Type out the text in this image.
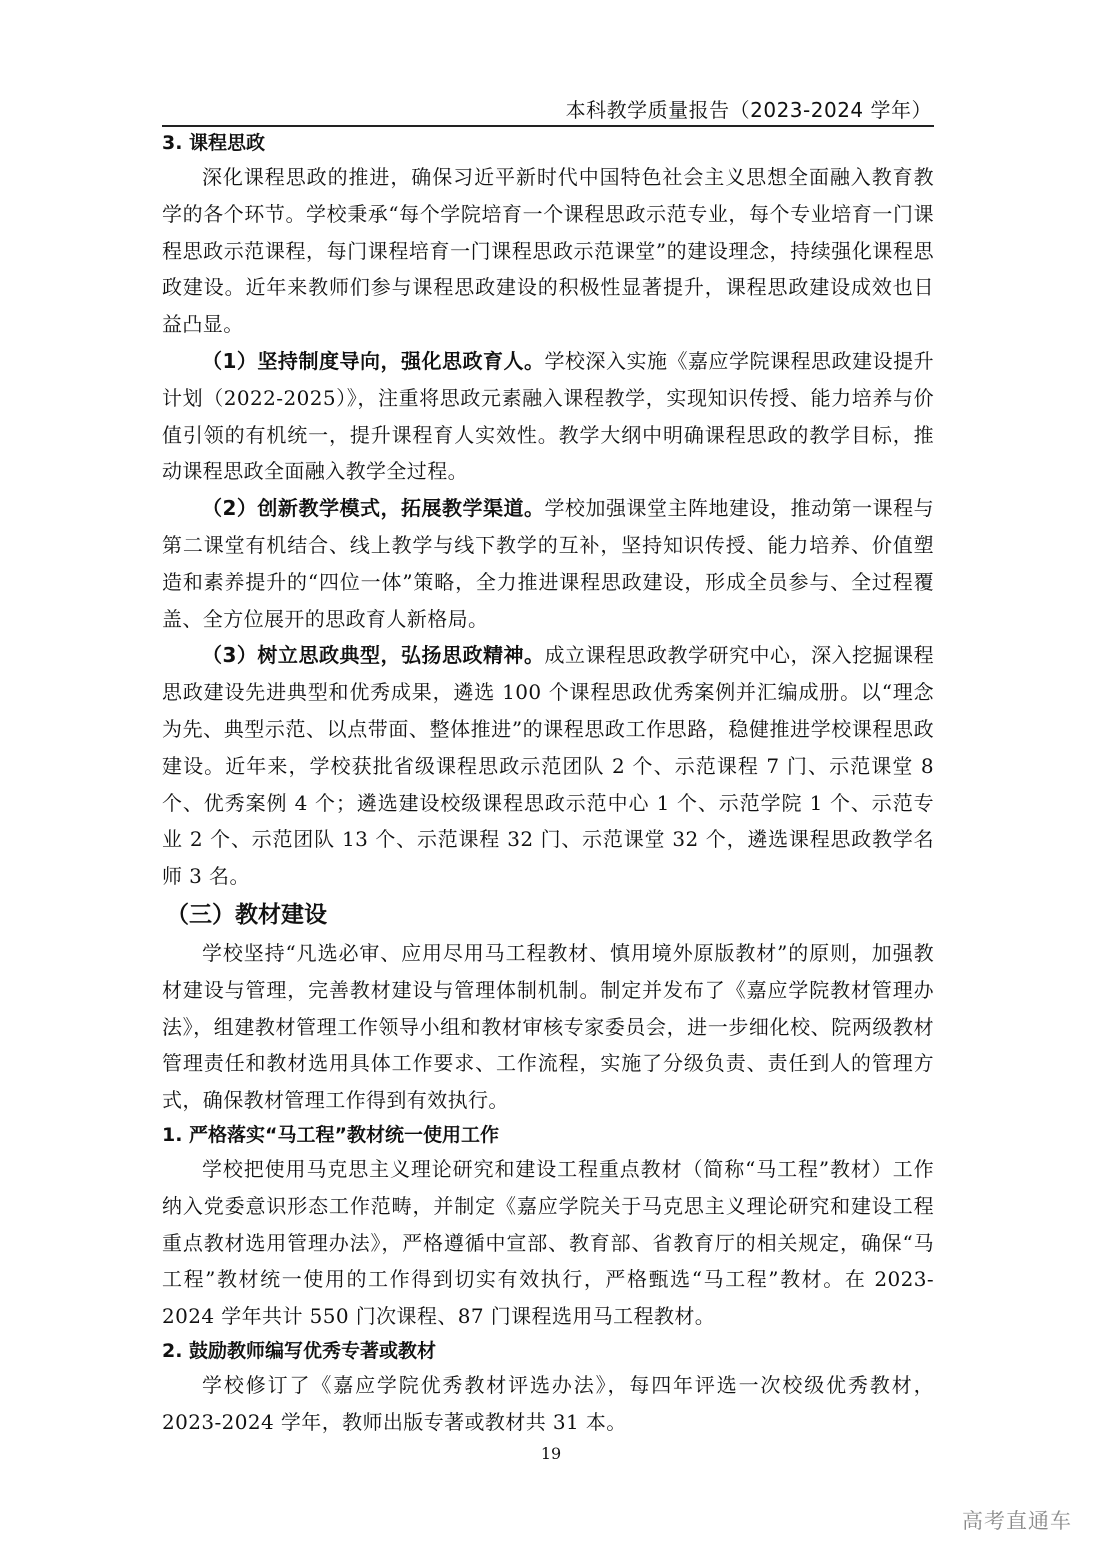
本科教学质量报告（2023-2024 学年）

3. 课程思政

深化课程思政的推进，确保习近平新时代中国特色社会主义思想全面融入教育教学的各个环节。学校秉承“每个学院培育一个课程思政示范专业，每个专业培育一门课程思政示范课程，每门课程培育一门课程思政示范课堂”的建设理念，持续强化课程思政建设。近年来教师们参与课程思政建设的积极性显著提升，课程思政建设成效也日益凸显。

（1）坚持制度导向，强化思政育人。学校深入实施《嘉应学院课程思政建设提升计划（2022-2025）》，注重将思政元素融入课程教学，实现知识传授、能力培养与价值引领的有机统一，提升课程育人实效性。教学大纲中明确课程思政的教学目标，推动课程思政全面融入教学全过程。

（2）创新教学模式，拓展教学渠道。学校加强课堂主阵地建设，推动第一课程与第二课堂有机结合、线上教学与线下教学的互补，坚持知识传授、能力培养、价值塑造和素养提升的“四位一体”策略，全力推进课程思政建设，形成全员参与、全过程覆盖、全方位展开的思政育人新格局。

（3）树立思政典型，弘扬思政精神。成立课程思政教学研究中心，深入挖掘课程思政建设先进典型和优秀成果，遴选 100 个课程思政优秀案例并汇编成册。以“理念为先、典型示范、以点带面、整体推进”的课程思政工作思路，稳健推进学校课程思政建设。近年来，学校获批省级课程思政示范团队 2 个、示范课程 7 门、示范课堂 8 个、优秀案例 4 个；遴选建设校级课程思政示范中心 1 个、示范学院 1 个、示范专业 2 个、示范团队 13 个、示范课程 32 门、示范课堂 32 个，遴选课程思政教学名师 3 名。

（三）教材建设

学校坚持“凡选必审、应用尽用马工程教材、慎用境外原版教材”的原则，加强教材建设与管理，完善教材建设与管理体制机制。制定并发布了《嘉应学院教材管理办法》，组建教材管理工作领导小组和教材审核专家委员会，进一步细化校、院两级教材管理责任和教材选用具体工作要求、工作流程，实施了分级负责、责任到人的管理方式，确保教材管理工作得到有效执行。

1. 严格落实“马工程”教材统一使用工作

学校把使用马克思主义理论研究和建设工程重点教材（简称“马工程”教材）工作纳入党委意识形态工作范畴，并制定《嘉应学院关于马克思主义理论研究和建设工程重点教材选用管理办法》，严格遵循中宣部、教育部、省教育厅的相关规定，确保“马工程”教材统一使用的工作得到切实有效执行，严格甄选“马工程”教材。在 2023-2024 学年共计 550 门次课程、87 门课程选用马工程教材。

2. 鼓励教师编写优秀专著或教材

学校修订了《嘉应学院优秀教材评选办法》，每四年评选一次校级优秀教材，2023-2024 学年，教师出版专著或教材共 31 本。

19
高考直通车
